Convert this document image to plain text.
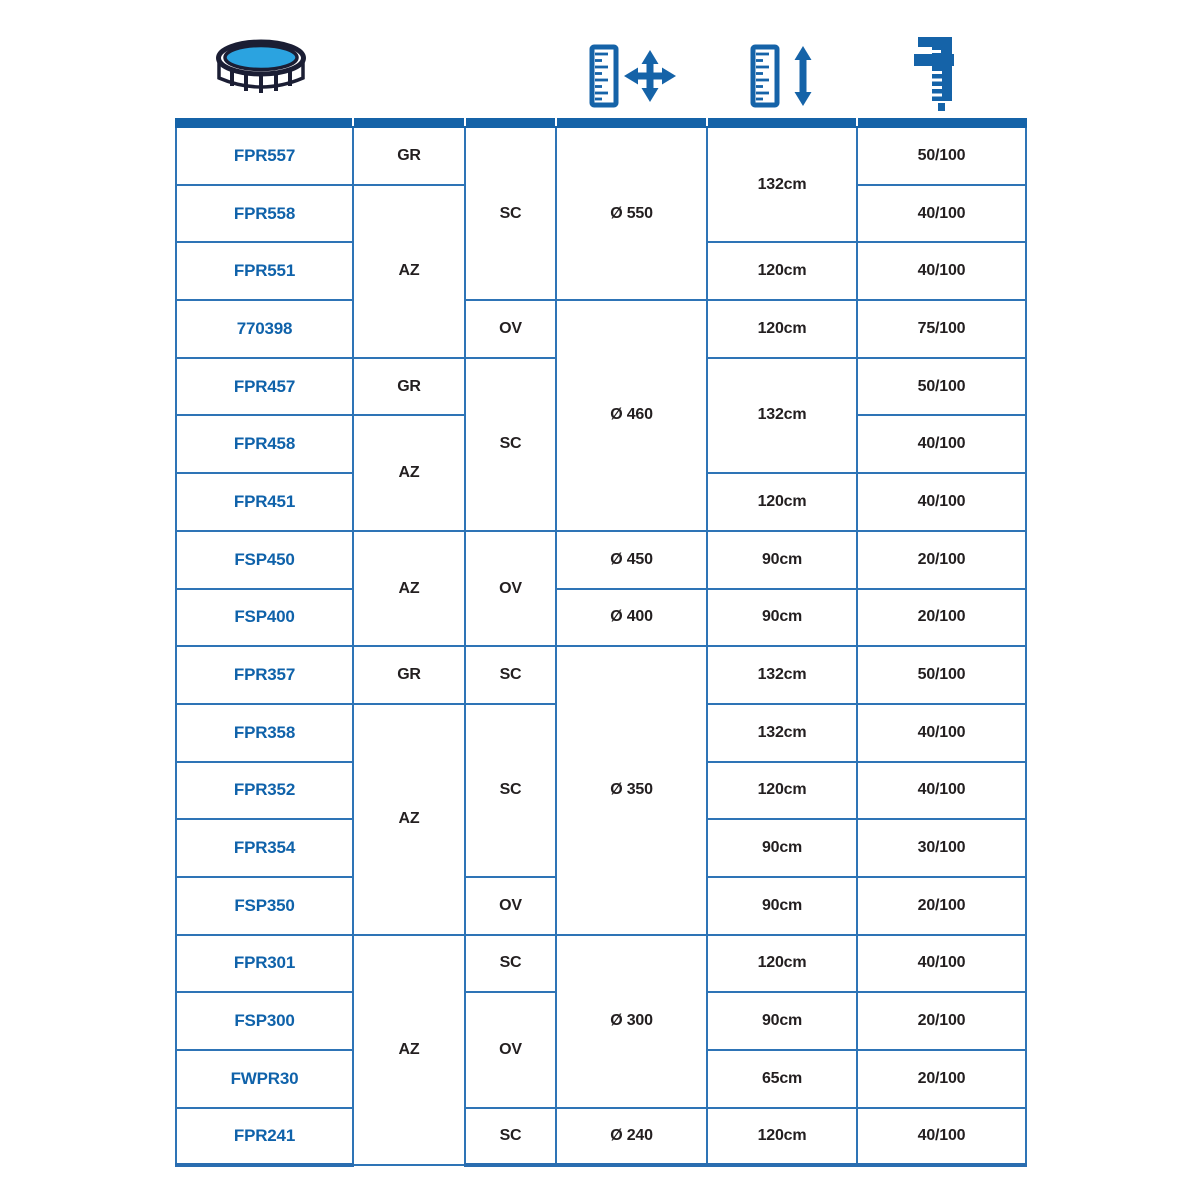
FPR557	GR	SC	Ø 550	132cm	50/100
FPR558	AZ				40/100
FPR551				120cm	40/100
770398		OV	Ø 460	120cm	75/100
FPR457	GR	SC		132cm	50/100
FPR458	AZ				40/100
FPR451				120cm	40/100
FSP450	AZ	OV	Ø 450	90cm	20/100
FSP400			Ø 400	90cm	20/100
FPR357	GR	SC	Ø 350	132cm	50/100
FPR358	AZ	SC		132cm	40/100
FPR352				120cm	40/100
FPR354				90cm	30/100
FSP350		OV		90cm	20/100
FPR301	AZ	SC	Ø 300	120cm	40/100
FSP300		OV		90cm	20/100
FWPR30				65cm	20/100
FPR241		SC	Ø 240	120cm	40/100
